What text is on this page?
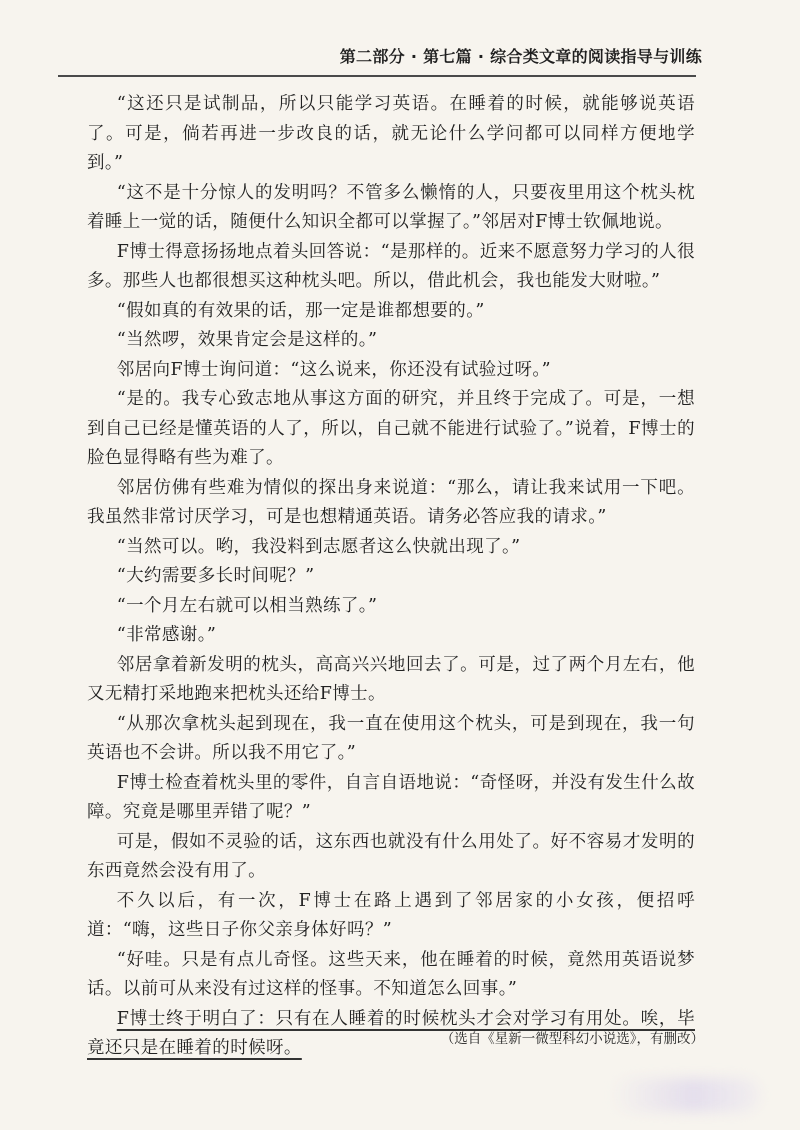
第二部分 · 第七篇 · 综合类文章的阅读指导与训练

“这还只是试制品，所以只能学习英语。在睡着的时候，就能够说英语了。可是，倘若再进一步改良的话，就无论什么学问都可以同样方便地学到。”

“这不是十分惊人的发明吗？不管多么懒惰的人，只要夜里用这个枕头枕着睡上一觉的话，随便什么知识全都可以掌握了。”邻居对F博士钦佩地说。

F博士得意扬扬地点着头回答说：“是那样的。近来不愿意努力学习的人很多。那些人也都很想买这种枕头吧。所以，借此机会，我也能发大财啦。”

“假如真的有效果的话，那一定是谁都想要的。”

“当然啰，效果肯定会是这样的。”

邻居向F博士询问道：“这么说来，你还没有试验过呀。”

“是的。我专心致志地从事这方面的研究，并且终于完成了。可是，一想到自己已经是懂英语的人了，所以，自己就不能进行试验了。”说着，F博士的脸色显得略有些为难了。

邻居仿佛有些难为情似的探出身来说道：“那么，请让我来试用一下吧。我虽然非常讨厌学习，可是也想精通英语。请务必答应我的请求。”

“当然可以。哟，我没料到志愿者这么快就出现了。”

“大约需要多长时间呢？”

“一个月左右就可以相当熟练了。”

“非常感谢。”

邻居拿着新发明的枕头，高高兴兴地回去了。可是，过了两个月左右，他又无精打采地跑来把枕头还给F博士。

“从那次拿枕头起到现在，我一直在使用这个枕头，可是到现在，我一句英语也不会讲。所以我不用它了。”

F博士检查着枕头里的零件，自言自语地说：“奇怪呀，并没有发生什么故障。究竟是哪里弄错了呢？”

可是，假如不灵验的话，这东西也就没有什么用处了。好不容易才发明的东西竟然会没有用了。

不久以后，有一次，F博士在路上遇到了邻居家的小女孩，便招呼道：“嗨，这些日子你父亲身体好吗？”

“好哇。只是有点儿奇怪。这些天来，他在睡着的时候，竟然用英语说梦话。以前可从来没有过这样的怪事。不知道怎么回事。”

F博士终于明白了：只有在人睡着的时候枕头才会对学习有用处。唉，毕竟还只是在睡着的时候呀。	（选自《星新一微型科幻小说选》，有删改）
